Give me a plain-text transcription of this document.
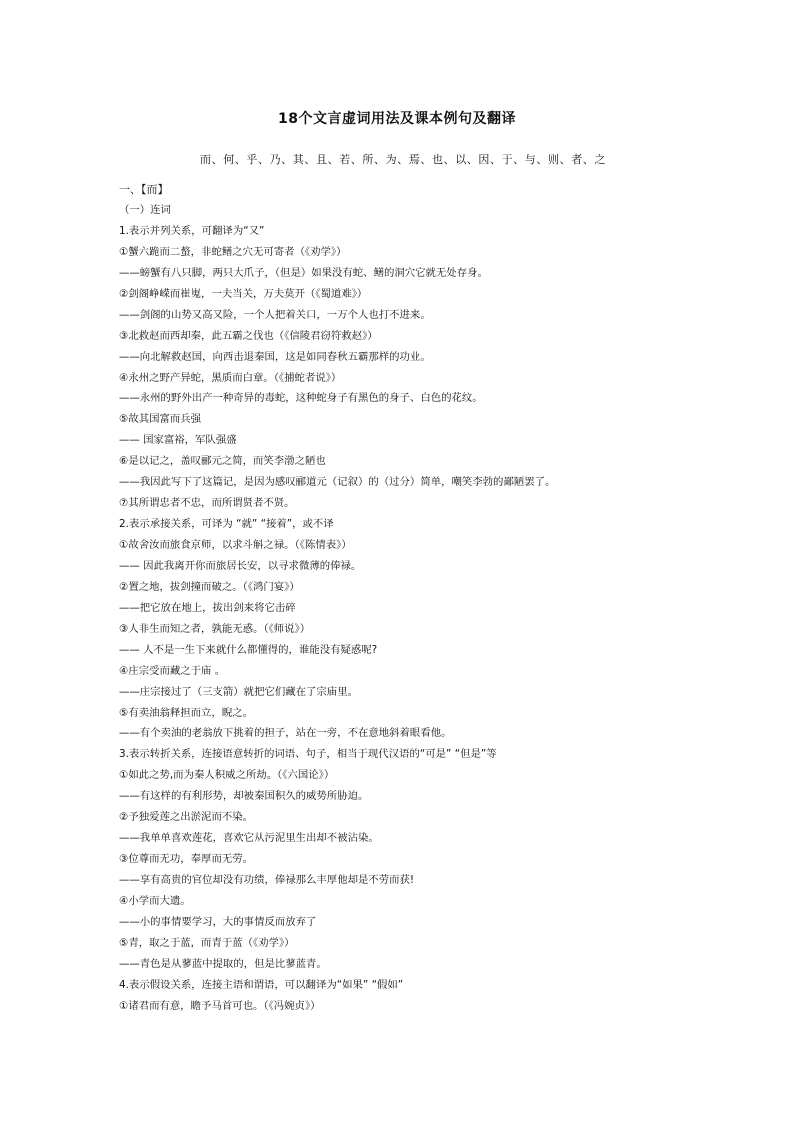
18个文言虚词用法及课本例句及翻译
而、何、乎、乃、其、且、若、所、为、焉、也、以、因、于、与、则、者、之
一、【而】
（一）连词
1.表示并列关系，可翻译为“又”
①蟹六跪而二螯，非蛇鳝之穴无可寄者（《劝学》）
——螃蟹有八只脚，两只大爪子，（但是）如果没有蛇、鳝的洞穴它就无处存身。
②剑阁峥嵘而崔嵬，一夫当关，万夫莫开（《蜀道难》）
——剑阁的山势又高又险，一个人把着关口，一万个人也打不进来。
③北救赵而西却秦，此五霸之伐也（《信陵君窃符救赵》）
——向北解救赵国，向西击退秦国，这是如同春秋五霸那样的功业。
④永州之野产异蛇，黑质而白章。（《捕蛇者说》）
——永州的野外出产一种奇异的毒蛇，这种蛇身子有黑色的身子、白色的花纹。
⑤故其国富而兵强
—— 国家富裕，军队强盛
⑥是以记之，盖叹郦元之简，而笑李渤之陋也
——我因此写下了这篇记，是因为感叹郦道元（记叙）的（过分）简单，嘲笑李勃的鄙陋罢了。
⑦其所谓忠者不忠，而所谓贤者不贤。
2.表示承接关系，可译为 “就” “接着”，或不译
①故舍汝而旅食京师，以求斗斛之禄。（《陈情表》）
—— 因此我离开你而旅居长安，以寻求微薄的俸禄。
②置之地，拔剑撞而破之。（《鸿门宴》）
——把它放在地上，拔出剑来将它击碎
③人非生而知之者，孰能无惑。（《师说》）
—— 人不是一生下来就什么都懂得的，谁能没有疑惑呢?
④庄宗受而藏之于庙 。
——庄宗接过了（三支箭）就把它们藏在了宗庙里。
⑤有卖油翁释担而立，睨之。
——有个卖油的老翁放下挑着的担子，站在一旁，不在意地斜着眼看他。
3.表示转折关系，连接语意转折的词语、句子，相当于现代汉语的“可是” “但是”等
①如此之势,而为秦人积威之所劫。（《六国论》）
——有这样的有利形势，却被秦国积久的威势所胁迫。
②予独爱莲之出淤泥而不染。
——我单单喜欢莲花，喜欢它从污泥里生出却不被沾染。
③位尊而无功，奉厚而无劳。
——享有高贵的官位却没有功绩，俸禄那么丰厚他却是不劳而获!
④小学而大遗。
——小的事情要学习，大的事情反而放弃了
⑤青，取之于蓝，而青于蓝（《劝学》）
——青色是从蓼蓝中提取的，但是比蓼蓝青。
4.表示假设关系，连接主语和谓语，可以翻译为“如果” “假如”
①诸君而有意，瞻予马首可也。（《冯婉贞》）
